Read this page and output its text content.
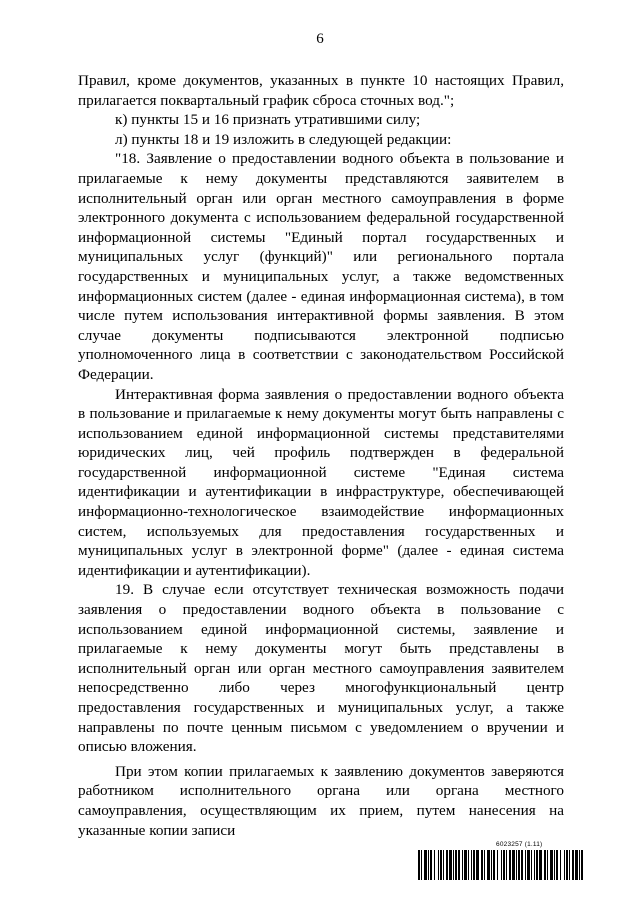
6

Правил, кроме документов, указанных в пункте 10 настоящих Правил, прилагается поквартальный график сброса сточных вод.";

к) пункты 15 и 16 признать утратившими силу;

л) пункты 18 и 19 изложить в следующей редакции:

"18. Заявление о предоставлении водного объекта в пользование и прилагаемые к нему документы представляются заявителем в исполнительный орган или орган местного самоуправления в форме электронного документа с использованием федеральной государственной информационной системы "Единый портал государственных и муниципальных услуг (функций)" или регионального портала государственных и муниципальных услуг, а также ведомственных информационных систем (далее - единая информационная система), в том числе путем использования интерактивной формы заявления. В этом случае документы подписываются электронной подписью уполномоченного лица в соответствии с законодательством Российской Федерации.

Интерактивная форма заявления о предоставлении водного объекта в пользование и прилагаемые к нему документы могут быть направлены с использованием единой информационной системы представителями юридических лиц, чей профиль подтвержден в федеральной государственной информационной системе "Единая система идентификации и аутентификации в инфраструктуре, обеспечивающей информационно-технологическое взаимодействие информационных систем, используемых для предоставления государственных и муниципальных услуг в электронной форме" (далее - единая система идентификации и аутентификации).

19. В случае если отсутствует техническая возможность подачи заявления о предоставлении водного объекта в пользование с использованием единой информационной системы, заявление и прилагаемые к нему документы могут быть представлены в исполнительный орган или орган местного самоуправления заявителем непосредственно либо через многофункциональный центр предоставления государственных и муниципальных услуг, а также направлены по почте ценным письмом с уведомлением о вручении и описью вложения.

При этом копии прилагаемых к заявлению документов заверяются работником исполнительного органа или органа местного самоуправления, осуществляющим их прием, путем нанесения на указанные копии записи

6023257 (1.11)
